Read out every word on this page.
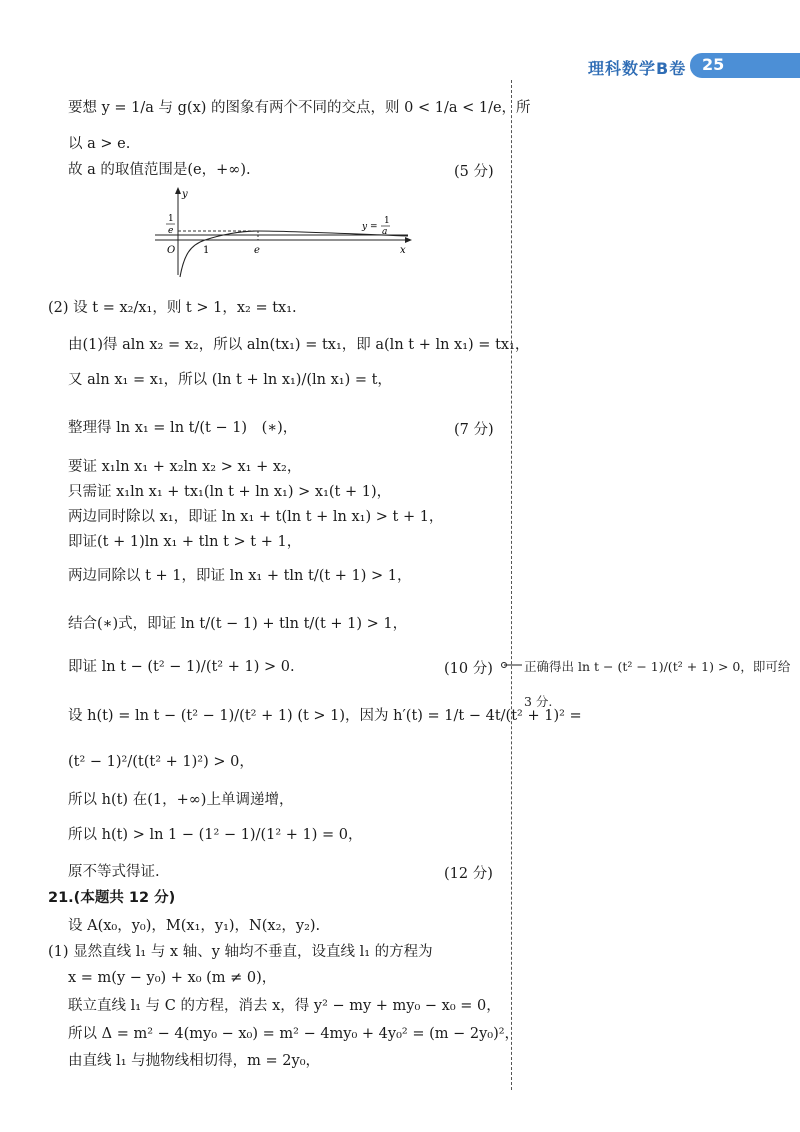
理科数学B卷 25
要想 y = 1/a 与 g(x) 的图象有两个不同的交点，则 0 < 1/a < 1/e，所
以 a > e.
故 a 的取值范围是(e，+∞).	(5 分)
y
x
O	1	e
1
e	y =
1
a
(2) 设 t = x₂/x₁，则 t > 1，x₂ = tx₁.
由(1)得 aln x₂ = x₂，所以 aln(tx₁) = tx₁，即 a(ln t + ln x₁) = tx₁，
又 aln x₁ = x₁，所以 (ln t + ln x₁)/(ln x₁) = t，
整理得 ln x₁ = ln t/(t − 1)　(∗)，	(7 分)
要证 x₁ln x₁ + x₂ln x₂ > x₁ + x₂，
只需证 x₁ln x₁ + tx₁(ln t + ln x₁) > x₁(t + 1)，
两边同时除以 x₁，即证 ln x₁ + t(ln t + ln x₁) > t + 1，
即证(t + 1)ln x₁ + tln t > t + 1，
两边同除以 t + 1，即证 ln x₁ + tln t/(t + 1) > 1，
结合(∗)式，即证 ln t/(t − 1) + tln t/(t + 1) > 1，
即证 ln t − (t² − 1)/(t² + 1) > 0.	(10 分)
设 h(t) = ln t − (t² − 1)/(t² + 1) (t > 1)，因为 h′(t) = 1/t − 4t/(t² + 1)² =
(t² − 1)²/(t(t² + 1)²) > 0，
所以 h(t) 在(1，+∞)上单调递增，
所以 h(t) > ln 1 − (1² − 1)/(1² + 1) = 0，
原不等式得证.	(12 分)
21.(本题共 12 分)
设 A(x₀，y₀)，M(x₁，y₁)，N(x₂，y₂).
(1) 显然直线 l₁ 与 x 轴、y 轴均不垂直，设直线 l₁ 的方程为
x = m(y − y₀) + x₀ (m ≠ 0)，
联立直线 l₁ 与 C 的方程，消去 x，得 y² − my + my₀ − x₀ = 0，
所以 Δ = m² − 4(my₀ − x₀) = m² − 4my₀ + 4y₀² = (m − 2y₀)²，
由直线 l₁ 与抛物线相切得，m = 2y₀，
正确得出 ln t − (t² − 1)/(t² + 1) > 0，即可给
3 分.
